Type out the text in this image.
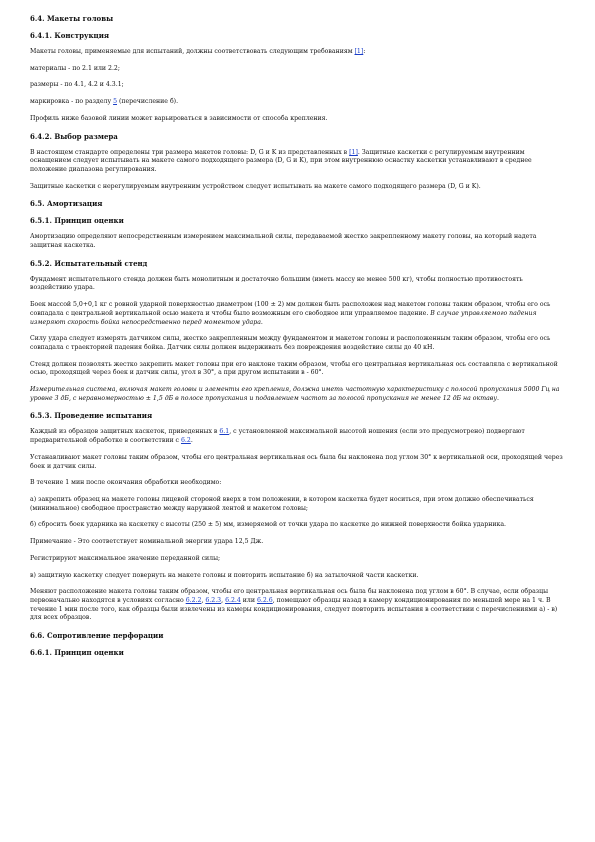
6.4. Макеты головы
6.4.1. Конструкция
Макеты головы, применяемые для испытаний, должны соответствовать следующим требованиям [1]:
материалы - по 2.1 или 2.2;
размеры - по 4.1, 4.2 и 4.3.1;
маркировка - по разделу 5 (перечисление б).
Профиль ниже базовой линии может варьироваться в зависимости от способа крепления.
6.4.2. Выбор размера
В настоящем стандарте определены три размера макетов головы: D, G и K из представленных в [1]. Защитные каскетки с регулируемым внутренним оснащением следует испытывать на макете самого подходящего размера (D, G и K), при этом внутреннюю оснастку каскетки устанавливают в среднее положение диапазона регулирования.
Защитные каскетки с нерегулируемым внутренним устройством следует испытывать на макете самого подходящего размера (D, G и K).
6.5. Амортизация
6.5.1. Принцип оценки
Амортизацию определяют непосредственным измерением максимальной силы, передаваемой жестко закрепленному макету головы, на который надета защитная каскетка.
6.5.2. Испытательный стенд
Фундамент испытательного стенда должен быть монолитным и достаточно большим (иметь массу не менее 500 кг), чтобы полностью противостоять воздействию удара.
Боек массой 5,0+0,1 кг с ровной ударной поверхностью диаметром (100 ± 2) мм должен быть расположен над макетом головы таким образом, чтобы его ось совпадала с центральной вертикальной осью макета и чтобы было возможным его свободное или управляемое падение. В случае управляемого падения измеряют скорость бойка непосредственно перед моментом удара.
Силу удара следует измерять датчиком силы, жестко закрепленным между фундаментом и макетом головы и расположенным таким образом, чтобы его ось совпадала с траекторией падения бойка. Датчик силы должен выдерживать без повреждения воздействие силы до 40 кН.
Стенд должен позволять жестко закрепить макет головы при его наклоне таким образом, чтобы его центральная вертикальная ось составляла с вертикальной осью, проходящей через боек и датчик силы, угол в 30°, а при другом испытании в - 60°.
Измерительная система, включая макет головы и элементы его крепления, должна иметь частотную характеристику с полосой пропускания 5000 Гц на уровне 3 дБ, с неравномерностью ± 1,5 дБ в полосе пропускания и подавлением частот за полосой пропускания не менее 12 дБ на октаву.
6.5.3. Проведение испытания
Каждый из образцов защитных каскеток, приведенных в 6.1, с установленной максимальной высотой ношения (если это предусмотрено) подвергают предварительной обработке в соответствии с 6.2.
Устанавливают макет головы таким образом, чтобы его центральная вертикальная ось была бы наклонена под углом 30° к вертикальной оси, проходящей через боек и датчик силы.
В течение 1 мин после окончания обработки необходимо:
а) закрепить образец на макете головы лицевой стороной вверх в том положении, в котором каскетка будет носиться, при этом должно обеспечиваться (минимальное) свободное пространство между наружной лентой и макетом головы;
б) сбросить боек ударника на каскетку с высоты (250 ± 5) мм, измеряемой от точки удара по каскетке до нижней поверхности бойка ударника.
Примечание - Это соответствует номинальной энергии удара 12,5 Дж.
Регистрируют максимальное значение переданной силы;
в) защитную каскетку следует повернуть на макете головы и повторить испытание б) на затылочной части каскетки.
Меняют расположение макета головы таким образом, чтобы его центральная вертикальная ось была бы наклонена под углом в 60°. В случае, если образцы первоначально находятся в условиях согласно 6.2.2, 6.2.3, 6.2.4 или 6.2.6, помещают образцы назад в камеру кондиционирования по меньшей мере на 1 ч. В течение 1 мин после того, как образцы были извлечены из камеры кондиционирования, следует повторить испытания в соответствии с перечислениями а) - в) для всех образцов.
6.6. Сопротивление перфорации
6.6.1. Принцип оценки
